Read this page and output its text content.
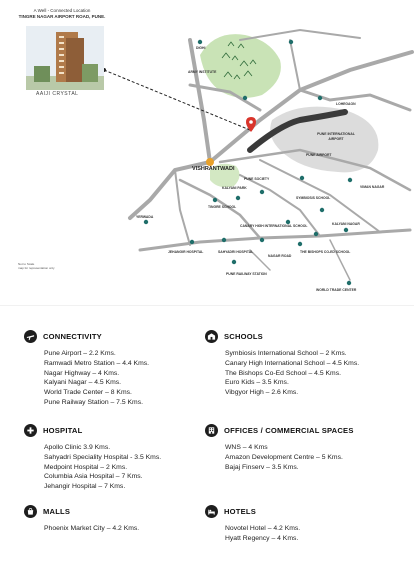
A Well - Connected Location
TINGRE NAGAR AIRPORT ROAD, PUNE.
AAIJI CRYSTAL
Not to Scale
map for representation only
DIGHI
ARMY INSTITUTE
LOHEGAON
PUNE INTERNATIONAL AIRPORT
PUNE AIRPORT
VISHRANTWADI
PUNE SOCIETY
KALYANI PARK
TINGRE SCHOOL
SYMBIOSIS SCHOOL
CANARY HIGH INTERNATIONAL SCHOOL
YERWADA
KALYANI NAGAR
JEHANGIR HOSPITAL	SAHYADRI HOSPITAL
NAGAR ROAD
THE BISHOPS CO-ED SCHOOL
PUNE RAILWAY STATION
WORLD TRADE CENTER
VIMAN NAGAR
CONNECTIVITY
Pune Airport – 2.2 Kms.
Ramwadi Metro Station – 4.4 Kms.
Nagar Highway – 4 Kms.
Kalyani Nagar – 4.5 Kms.
World Trade Center – 8 Kms.
Pune Railway Station – 7.5 Kms.
SCHOOLS
Symbiosis International School – 2 Kms.
Canary High International School – 4.5 Kms.
The Bishops Co-Ed School – 4.5 Kms.
Euro Kids – 3.5 Kms.
Vibgyor High – 2.6 Kms.
HOSPITAL
Apollo Clinic 3.9 Kms.
Sahyadri Speciality Hospital - 3.5 Kms.
Medpoint Hospital – 2 Kms.
Columbia Asia Hospital – 7 Kms.
Jehangir Hospital – 7 Kms.
OFFICES / COMMERCIAL SPACES
WNS – 4 Kms
Amazon Development Centre – 5 Kms.
Bajaj Finserv – 3.5 Kms.
MALLS
Phoenix Market City – 4.2 Kms.
HOTELS
Novotel Hotel – 4.2 Kms.
Hyatt Regency – 4 Kms.
